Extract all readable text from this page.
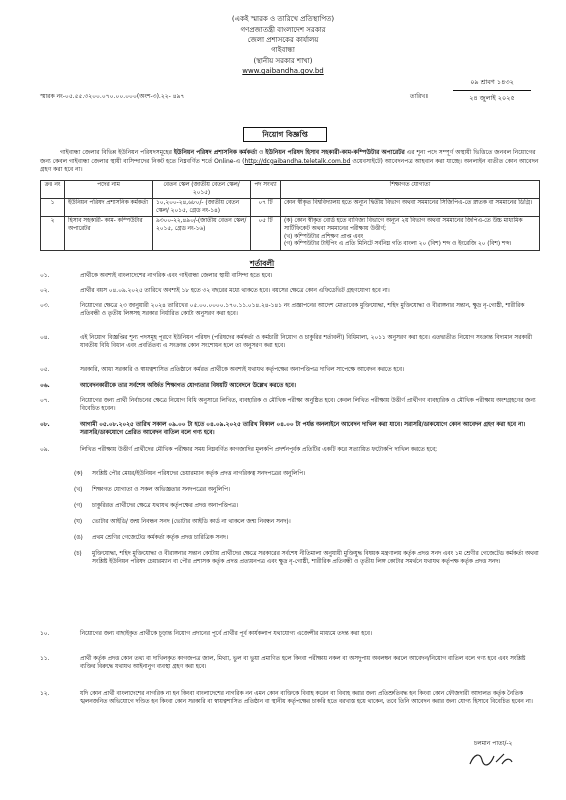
(একই স্মারক ও তারিখে প্রতিস্থাপিত)
গণপ্রজাতন্ত্রী বাংলাদেশ সরকার
জেলা প্রশাসকের কার্যালয়
গাইবান্ধা
(স্থানীয় সরকার শাখা)
www.gaibandha.gov.bd
স্মারক নং-০৫.৫৫.৩২০০.০৭০.০০.০০০(অংশ-৩).২২- ৪৯৭	তারিখঃ
০৯ শ্রাবণ ১৪৩২
২৪ জুলাই ২০২৫
নিয়োগ বিজ্ঞপ্তি
গাইবান্ধা জেলার বিভিন্ন ইউনিয়ন পরিষদসমূহের ইউনিয়ন পরিষদ প্রশাসনিক কর্মকর্তা ও ইউনিয়ন পরিষদ হিসাব সহকারী-কাম-কম্পিউটার অপারেটর এর শূন্য পদে সম্পূর্ণ অস্থায়ী ভিত্তিতে জনবল নিয়োগের জন্য কেবল গাইবান্ধা জেলার স্থায়ী বাসিন্দাদের নিকট হতে নিম্নবর্ণিত শর্তে Online-এ (http://dcgaibandha.teletalk.com.bd ওয়েবসাইটে) আবেদনপত্র আহবান করা যাচ্ছে। অনলাইন ব্যতীত কোন আবেদন গ্রহণ করা হবে না।
ক্রঃ নং	পদের নাম	বেতন স্কেল (জাতীয় বেতন স্কেল/২০১৫)	পদ সংখ্যা	শিক্ষাগত যোগ্যতা
১	ইউনিয়ন পরিষদ প্রশাসনিক কর্মকর্তা	১০,২০০-২৪,৬৮০/- (জাতীয় বেতন স্কেল/ ২০১৫, গ্রেড নং-১৪)	০৭ টি	কোন স্বীকৃত বিশ্ববিদ্যালয় হতে অন্যূন দ্বিতীয় বিভাগ অথবা সমমানের সিজিপিএ-তে স্নাতক বা সমমানের ডিগ্রি।
২	হিসাব সহকারী- কাম- কম্পিউটার অপারেটর	৯৩০০-২২,৪৯০/-(জাতীয় বেতন স্কেল/২০১৫, গ্রেড নং-১৬)	০৫ টি	(ক) কোন স্বীকৃত বোর্ড হতে বাণিজ্য বিভাগে অন্যূন ২য় বিভাগ অথবা সমমানের জিপিএ-তে উচ্চ মাধ্যমিক সার্টিফিকেট অথবা সমমানের পরীক্ষায় উত্তীর্ণ;
(খ) কম্পিউটার প্রশিক্ষণ প্রাপ্ত এবং
(গ) কম্পিউটার টাইপিং এ প্রতি মিনিটে সর্বনিম্ন গতি বাংলা ২০ (বিশ) শব্দ ও ইংরেজি ২০ (বিশ) শব্দ।
শর্তাবলী
০১.	প্রার্থীকে অবশ্যই বাংলাদেশের নাগরিক এবং গাইবান্ধা জেলার স্থায়ী বাসিন্দা হতে হবে।
০২.	প্রার্থীর বয়স ০৪.০৯.২০২৫ তারিখে অবশ্যই ১৮ হতে ৩২ বছরের মধ্যে থাকতে হবে। বয়সের ক্ষেত্রে কোন এফিডেভিট গ্রহণযোগ্য হবে না।
০৩.	নিয়োগের ক্ষেত্রে ২৩ জানুয়ারী ২০২৪ তারিখের ০৫.০০.০০০০.১৭০.১১.০১৪.২৪-১৪১ নং প্রজ্ঞাপনের আদেশ মোতাবেক মুক্তিযোদ্ধা, শহিদ মুক্তিযোদ্ধা ও বীরাঙ্গনার সন্তান, ক্ষুদ্র নৃ-গোষ্ঠী, শারীরিক প্রতিবন্ধী ও তৃতীয় লিঙ্গসহ সরকার নির্ধারিত কোটা অনুসরণ করা হবে।
০৪.	এই নিয়োগ বিজ্ঞপ্তির শূন্য পদসমূহ পূরণে ইউনিয়ন পরিষদ (পরিষদের কর্মকর্তা ও কর্মচারী নিয়োগ ও চাকুরির শর্তাবলী) বিধিমালা, ২০১১ অনুসরণ করা হবে। এতদ্ব্যতীত নিয়োগ সংক্রান্ত বিদ্যমান সরকারী যাবতীয় বিধি বিধান এবং প্রবর্তিতব্য এ সংক্রান্ত কোন সংশোধন হলে তা অনুসরণ করা হবে।
০৫.	সরকারি, আধা সরকারি ও স্বায়ত্বশাসিত প্রতিষ্ঠানে কর্মরত প্রার্থীকে অবশ্যই যথাযথ কর্তৃপক্ষের অনাপত্তিপত্র দাখিল সাপেক্ষে আবেদন করতে হবে।
০৬.	আবেদনকারীকে তার সর্বশেষ অর্জিত শিক্ষাগত যোগ্যতার বিষয়টি আবেদনে উল্লেখ করতে হবে।
০৭.	নিয়োগের জন্য প্রার্থী নির্বাচনের ক্ষেত্রে নিয়োগ বিধি অনুসারে লিখিত, ব্যবহারিক ও মৌখিক পরীক্ষা অনুষ্ঠিত হবে। কেবল লিখিত পরীক্ষায় উত্তীর্ণ প্রার্থীগণ ব্যবহারিক ও মৌখিক পরীক্ষায় অংশগ্রহণের জন্য বিবেচিত হবেন।
০৮.	আগামী ০৫.০৮.২০২৫ তারিখ সকাল ০৯.০০ টা হতে ০৪.০৯.২০২৫ তারিখ বিকাল ০৪.০০ টা পর্যন্ত অনলাইনে আবেদন দাখিল করা যাবে। সরাসরি/ডাকযোগে কোন আবেদন গ্রহণ করা হবে না। সরাসরি/ডাকযোগে প্রেরিত আবেদন বাতিল বলে গণ্য হবে।
০৯.	লিখিত পরীক্ষায় উত্তীর্ণ প্রার্থীদের মৌখিক পরীক্ষার সময় নিম্নবর্ণিত কাগজাদির মূলকপি প্রদর্শনপূর্বক প্রতিটির একটি করে সত্যায়িত ফটোকপি দাখিল করতে হবে;
(ক) সংশ্লিষ্ট পৌর মেয়র/ইউনিয়ন পরিষদের চেয়ারম্যান কর্তৃক প্রদত্ত নাগরিকত্ব সনদপত্রের অনুলিপি।
(খ) শিক্ষাগত যোগ্যতা ও সকল অভিজ্ঞতার সনদপত্রের অনুলিপি।
(গ) চাকুরিরত প্রার্থীদের ক্ষেত্রে যথাযথ কর্তৃপক্ষের প্রদত্ত অনাপত্তিপত্র।
(ঘ) ভোটার আইডি/ জন্ম নিবন্ধন সনদ (ভোটার আইডি কার্ড না থাকলে জন্ম নিবন্ধন সনদ)।
(ঙ) প্রথম শ্রেণির গেজেটেড কর্মকর্তা কর্তৃক প্রদত্ত চারিত্রিক সনদ।
(চ) মুক্তিযোদ্ধা, শহিদ মুক্তিযোদ্ধা ও বীরাঙ্গনার সন্তান কোটায় প্রার্থীদের ক্ষেত্রে সরকারের সর্বশেষ নীতিমালা অনুযায়ী মুক্তিযুদ্ধ বিষয়ক মন্ত্রণালয় কর্তৃক প্রদত্ত সনদ এবং ১ম শ্রেণীর গেজেটেড কর্মকর্তা অথবা সংশ্লিষ্ট ইউনিয়ন পরিষদ চেয়ারম্যান বা পৌর প্রশাসক কর্তৃক প্রদত্ত প্রত্যয়নপত্র এবং ক্ষুদ্র নৃ-গোষ্ঠী, শারীরিক প্রতিবন্ধী ও তৃতীয় লিঙ্গ কোটার সমর্থনে যথাযথ কর্তৃপক্ষ কর্তৃক প্রদত্ত সনদ।
১০.	নিয়োগের জন্য বাছাইকৃত প্রার্থীকে চূড়ান্ত নিয়োগ প্রদানের পূর্বে প্রার্থীর পূর্ব কার্যকলাপ যথাযোগ্য এজেন্সীর মাধ্যমে তদন্ত করা হবে।
১১.	প্রার্থী কর্তৃক প্রদত্ত কোন তথ্য বা দাখিলকৃত কাগজপত্র জাল, মিথ্যা, ভুল বা ভুয়া প্রমাণিত হলে কিংবা পরীক্ষায় নকল বা অসদুপায় অবলম্বন করলে আবেদন/নিয়োগ বাতিল বলে গণ্য হবে এবং সংশ্লিষ্ট ব্যক্তির বিরুদ্ধে যথাযথ আইনানুগ ব্যবস্থা গ্রহণ করা হবে।
১২.	যদি কোন প্রার্থী বাংলাদেশের নাগরিক না হন কিংবা বাংলাদেশের নাগরিক নন এমন কোন ব্যক্তিকে বিবাহ করেন বা বিবাহ করার জন্য প্রতিশ্রুতিবদ্ধ হন কিংবা কোন ফৌজদারী আদালত কর্তৃক নৈতিক স্খলনজনিত অভিযোগে দণ্ডিত হন কিংবা কোন সরকারি বা স্বায়ত্বশাসিত প্রতিষ্ঠান বা স্থানীয় কর্তৃপক্ষের চাকরি হতে বরখাস্ত হয়ে থাকেন, তবে তিনি আবেদন করার জন্য যোগ্য হিসাবে বিবেচিত হবেন না।
চলমান পাতা/-২
